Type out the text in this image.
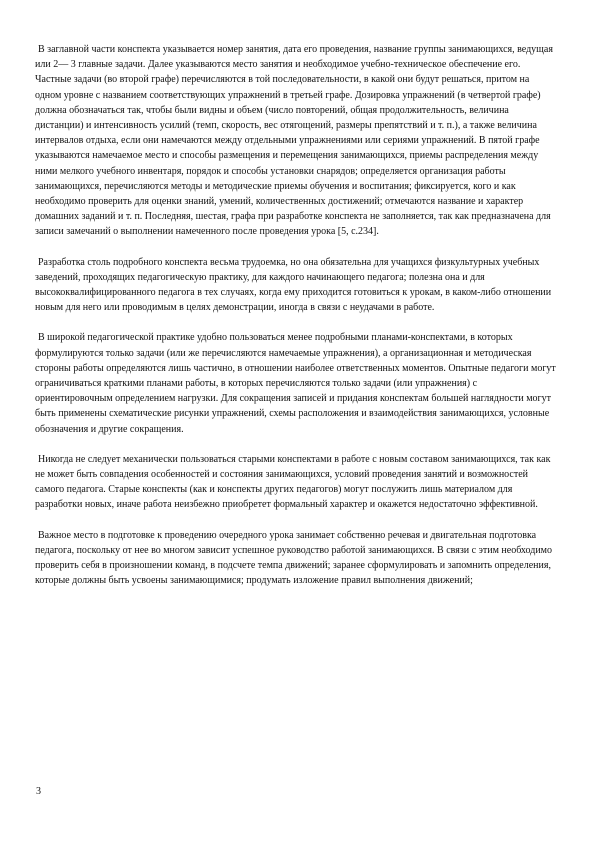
В заглавной части конспекта указывается номер занятия, дата его проведения, название группы занимающихся, ведущая или 2— 3 главные задачи. Далее указываются место занятия и необходимое учебно-техническое обеспечение его. Частные задачи (во второй графе) перечисляются в той последовательности, в какой они будут решаться, притом на одном уровне с названием соответствующих упражнений в третьей графе. Дозировка упражнений (в четвертой графе) должна обозначаться так, чтобы были видны и объем (число повторений, общая продолжительность, величина дистанции) и интенсивность усилий (темп, скорость, вес отягощений, размеры препятствий и т. п.), а также величина интервалов отдыха, если они намечаются между отдельными упражнениями или сериями упражнений. В пятой графе указываются намечаемое место и способы размещения и перемещения занимающихся, приемы распределения между ними мелкого учебного инвентаря, порядок и способы установки снарядов; определяется организация работы занимающихся, перечисляются методы и методические приемы обучения и воспитания; фиксируется, кого и как необходимо проверить для оценки знаний, умений, количественных достижений; отмечаются название и характер домашних заданий и т. п. Последняя, шестая, графа при разработке конспекта не заполняется, так как предназначена для записи замечаний о выполнении намеченного после проведения урока [5, с.234].

Разработка столь подробного конспекта весьма трудоемка, но она обязательна для учащихся физкультурных учебных заведений, проходящих педагогическую практику, для каждого начинающего педагога; полезна она и для высококвалифицированного педагога в тех случаях, когда ему приходится готовиться к урокам, в каком-либо отношении новым для него или проводимым в целях демонстрации, иногда в связи с неудачами в работе.

В широкой педагогической практике удобно пользоваться менее подробными планами-конспектами, в которых формулируются только задачи (или же перечисляются намечаемые упражнения), а организационная и методическая стороны работы определяются лишь частично, в отношении наиболее ответственных моментов. Опытные педагоги могут ограничиваться краткими планами работы, в которых перечисляются только задачи (или упражнения) с ориентировочным определением нагрузки. Для сокращения записей и придания конспектам большей наглядности могут быть применены схематические рисунки упражнений, схемы расположения и взаимодействия занимающихся, условные обозначения и другие сокращения.

Никогда не следует механически пользоваться старыми конспектами в работе с новым составом занимающихся, так как не может быть совпадения особенностей и состояния занимающихся, условий проведения занятий и возможностей самого педагога. Старые конспекты (как и конспекты других педагогов) могут послужить лишь материалом для разработки новых, иначе работа неизбежно приобретет формальный характер и окажется недостаточно эффективной.

Важное место в подготовке к проведению очередного урока занимает собственно речевая и двигательная подготовка педагога, поскольку от нее во многом зависит успешное руководство работой занимающихся. В связи с этим необходимо проверить себя в произношении команд, в подсчете темпа движений; заранее сформулировать и запомнить определения, которые должны быть усвоены занимающимися; продумать изложение правил выполнения движений;

3
